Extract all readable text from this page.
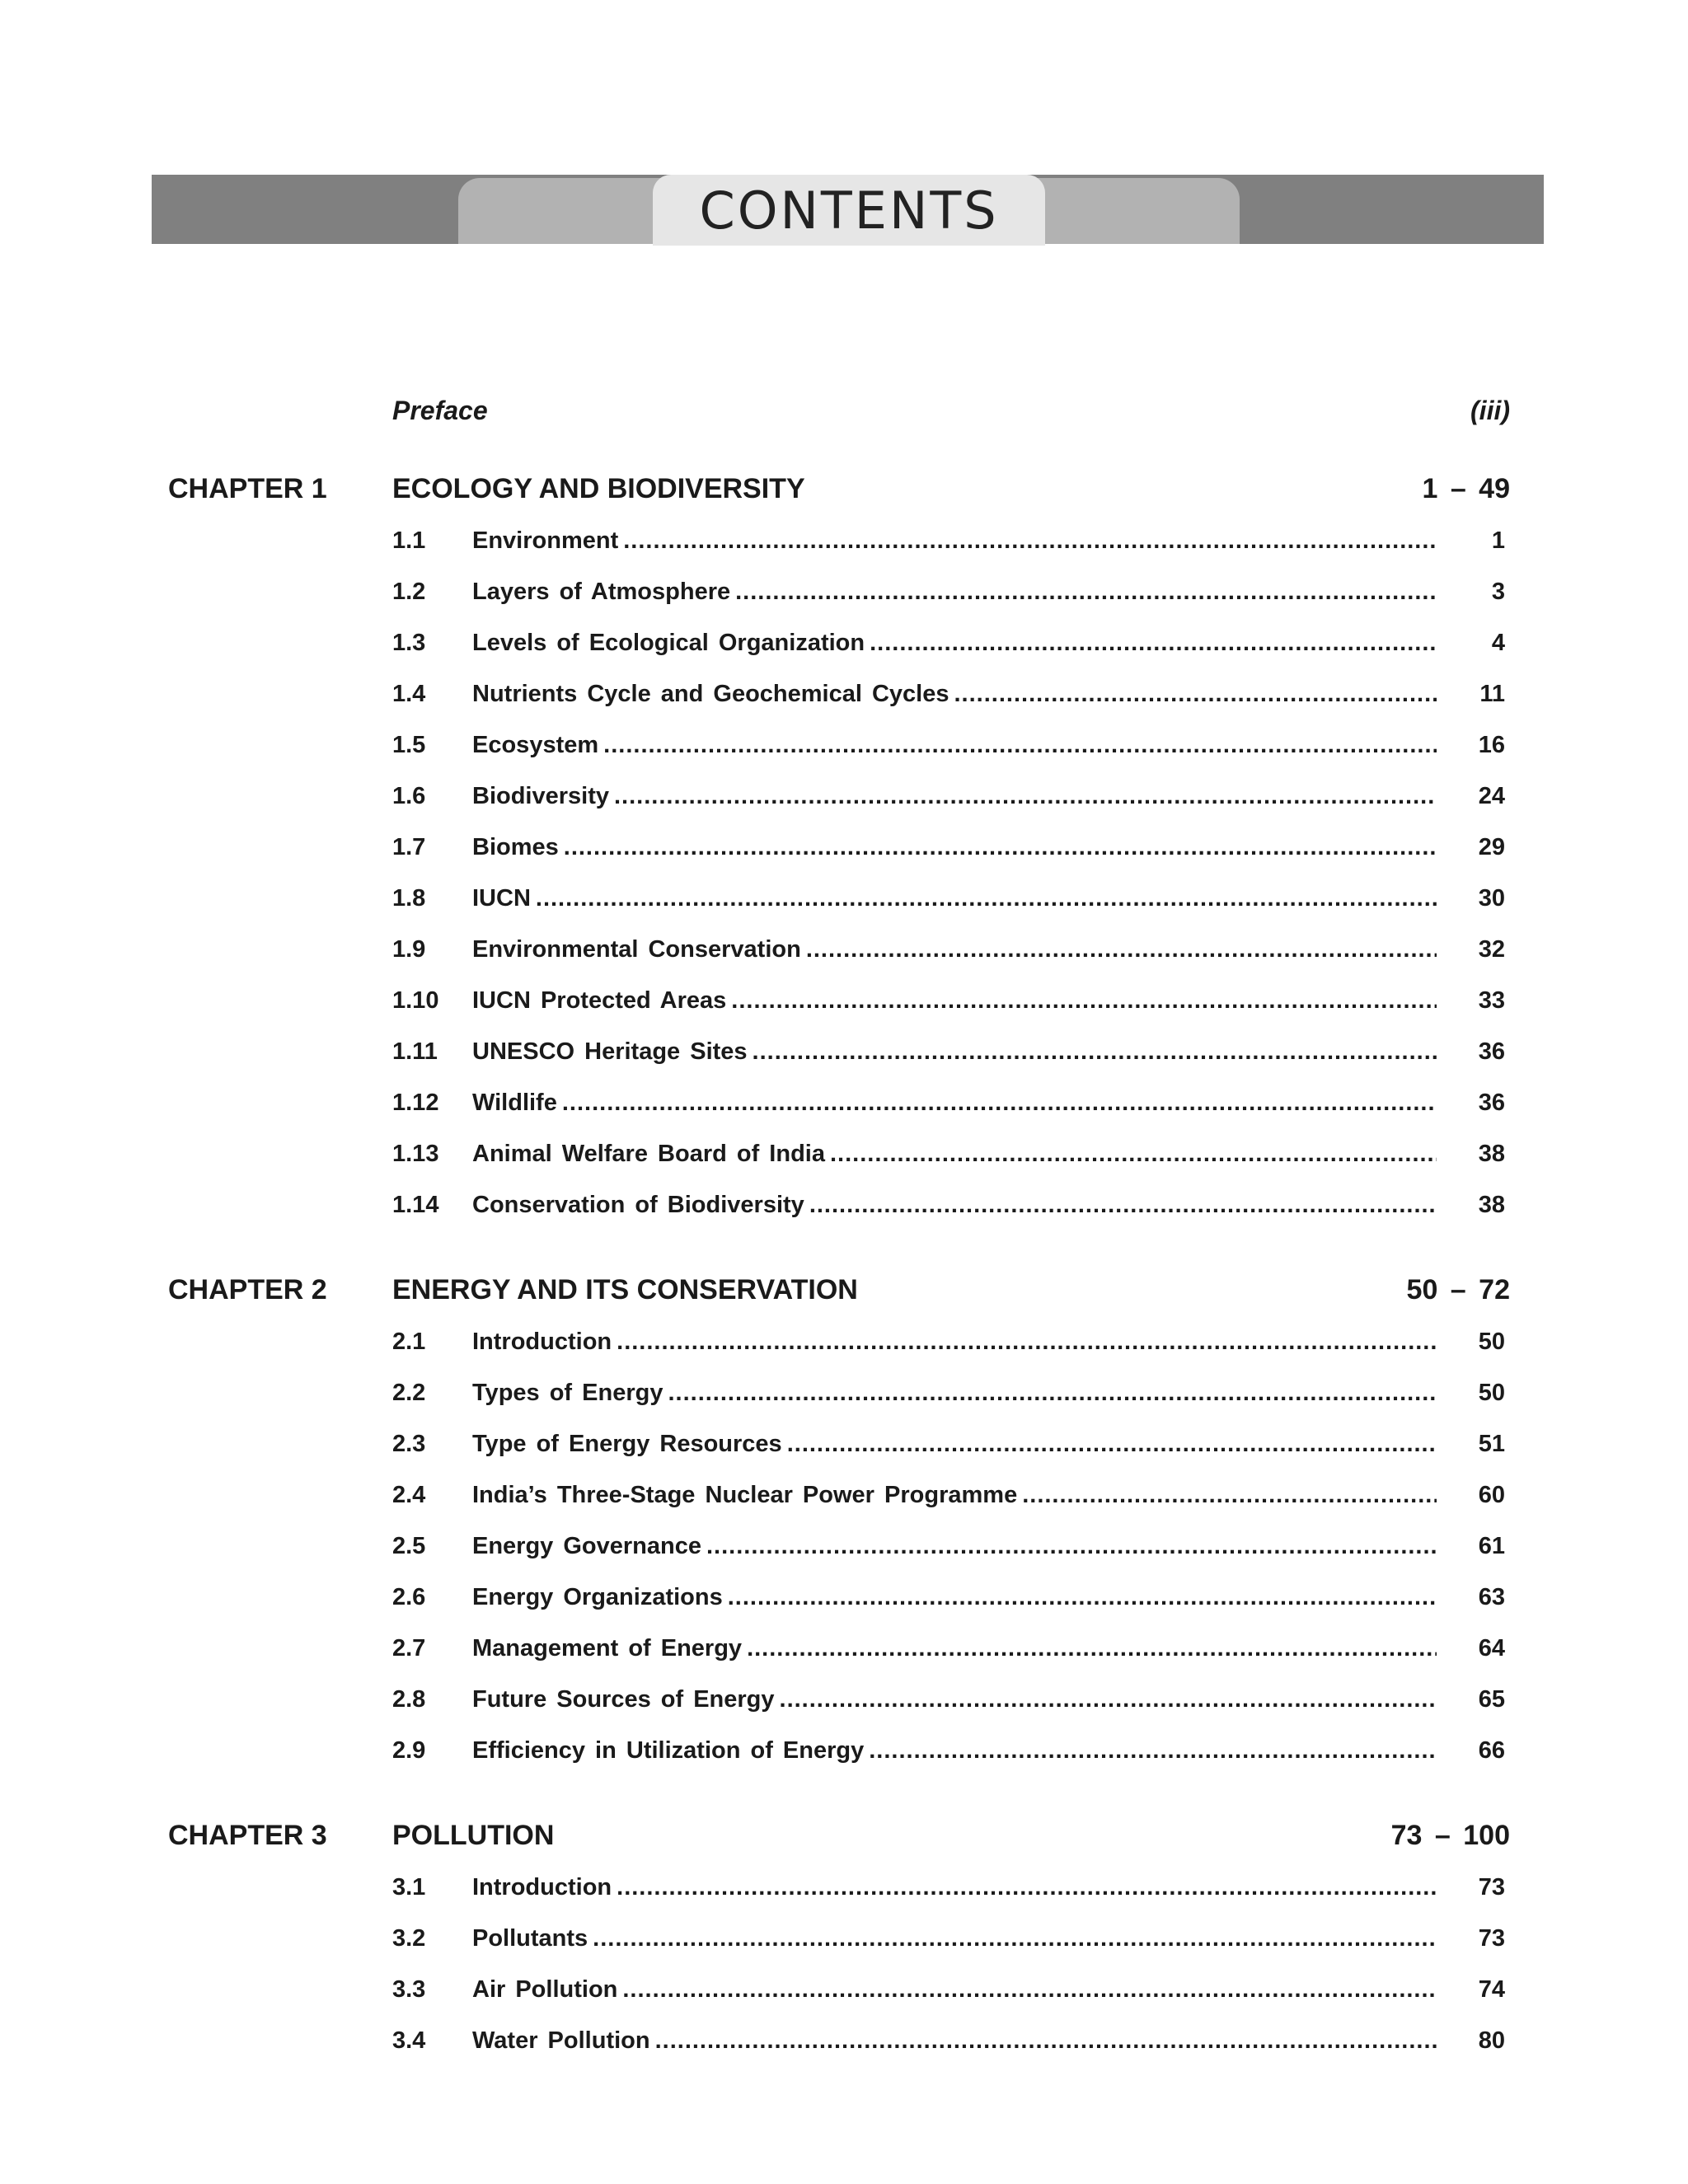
CONTENTS
Preface	(iii)
CHAPTER 1 ECOLOGY AND BIODIVERSITY	1 – 49
1.1 Environment .....	1
1.2 Layers of Atmosphere .....	3
1.3 Levels of Ecological Organization .....	4
1.4 Nutrients Cycle and Geochemical Cycles .....	11
1.5 Ecosystem .....	16
1.6 Biodiversity .....	24
1.7 Biomes .....	29
1.8 IUCN .....	30
1.9 Environmental Conservation .....	32
1.10 IUCN Protected Areas .....	33
1.11 UNESCO Heritage Sites .....	36
1.12 Wildlife .....	36
1.13 Animal Welfare Board of India .....	38
1.14 Conservation of Biodiversity .....	38
CHAPTER 2 ENERGY AND ITS CONSERVATION	50 – 72
2.1 Introduction .....	50
2.2 Types of Energy .....	50
2.3 Type of Energy Resources .....	51
2.4 India’s Three-Stage Nuclear Power Programme .....	60
2.5 Energy Governance .....	61
2.6 Energy Organizations .....	63
2.7 Management of Energy .....	64
2.8 Future Sources of Energy .....	65
2.9 Efficiency in Utilization of Energy .....	66
CHAPTER 3 POLLUTION	73 – 100
3.1 Introduction .....	73
3.2 Pollutants .....	73
3.3 Air Pollution .....	74
3.4 Water Pollution .....	80
